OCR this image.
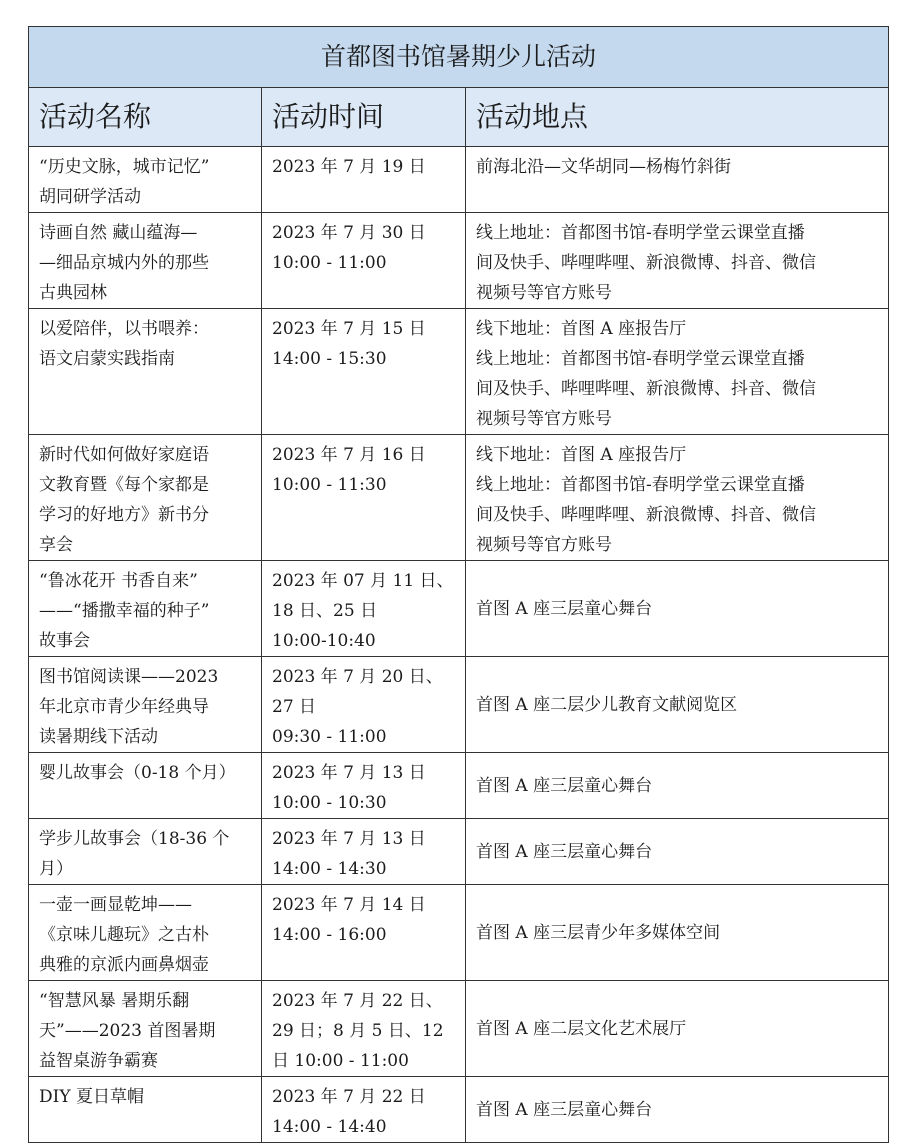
首都图书馆暑期少儿活动		
活动名称	活动时间	活动地点

“历史文脉，城市记忆”
胡同研学活动	2023 年 7 月 19 日	前海北沿—文华胡同—杨梅竹斜街

诗画自然 藏山蕴海—
—细品京城内外的那些
古典园林	2023 年 7 月 30 日
10:00 - 11:00	线上地址：首都图书馆-春明学堂云课堂直播
间及快手、哔哩哔哩、新浪微博、抖音、微信
视频号等官方账号

以爱陪伴，以书喂养：
语文启蒙实践指南	2023 年 7 月 15 日
14:00 - 15:30	线下地址：首图 A 座报告厅
线上地址：首都图书馆-春明学堂云课堂直播
间及快手、哔哩哔哩、新浪微博、抖音、微信
视频号等官方账号

新时代如何做好家庭语
文教育暨《每个家都是
学习的好地方》新书分
享会	2023 年 7 月 16 日
10:00 - 11:30	线下地址：首图 A 座报告厅
线上地址：首都图书馆-春明学堂云课堂直播
间及快手、哔哩哔哩、新浪微博、抖音、微信
视频号等官方账号

“鲁冰花开 书香自来”
——“播撒幸福的种子”
故事会	2023 年 07 月 11 日、
18 日、25 日
10:00-10:40	首图 A 座三层童心舞台

图书馆阅读课——2023
年北京市青少年经典导
读暑期线下活动	2023 年 7 月 20 日、
27 日
09:30 - 11:00	首图 A 座二层少儿教育文献阅览区

婴儿故事会（0-18 个月）	2023 年 7 月 13 日
10:00 - 10:30	首图 A 座三层童心舞台

学步儿故事会（18-36 个
月）	2023 年 7 月 13 日
14:00 - 14:30	首图 A 座三层童心舞台

一壶一画显乾坤——
《京味儿趣玩》之古朴
典雅的京派内画鼻烟壶	2023 年 7 月 14 日
14:00 - 16:00	首图 A 座三层青少年多媒体空间

“智慧风暴 暑期乐翻
天”——2023 首图暑期
益智桌游争霸赛	2023 年 7 月 22 日、
29 日；8 月 5 日、12
日 10:00 - 11:00	首图 A 座二层文化艺术展厅

DIY 夏日草帽	2023 年 7 月 22 日
14:00 - 14:40	首图 A 座三层童心舞台
